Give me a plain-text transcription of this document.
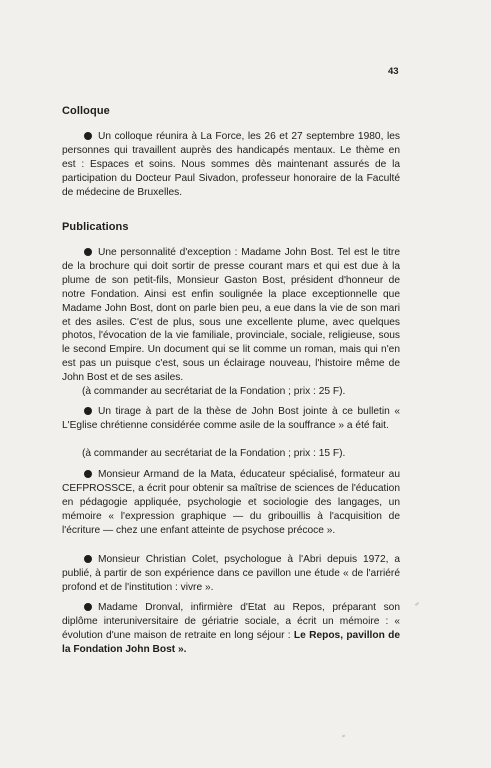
43
Colloque
Un colloque réunira à La Force, les 26 et 27 septembre 1980, les personnes qui travaillent auprès des handicapés mentaux. Le thème en est : Espaces et soins. Nous sommes dès maintenant assurés de la participation du Docteur Paul Sivadon, professeur honoraire de la Faculté de médecine de Bruxelles.
Publications
Une personnalité d'exception : Madame John Bost. Tel est le titre de la brochure qui doit sortir de presse courant mars et qui est due à la plume de son petit-fils, Monsieur Gaston Bost, président d'honneur de notre Fondation. Ainsi est enfin soulignée la place exceptionnelle que Madame John Bost, dont on parle bien peu, a eue dans la vie de son mari et des asiles. C'est de plus, sous une excellente plume, avec quelques photos, l'évocation de la vie familiale, provinciale, sociale, religieuse, sous le second Empire. Un document qui se lit comme un roman, mais qui n'en est pas un puisque c'est, sous un éclairage nouveau, l'histoire même de John Bost et de ses asiles.
(à commander au secrétariat de la Fondation ; prix : 25 F).
Un tirage à part de la thèse de John Bost jointe à ce bulletin « L'Eglise chrétienne considérée comme asile de la souffrance » a été fait.
(à commander au secrétariat de la Fondation ; prix : 15 F).
Monsieur Armand de la Mata, éducateur spécialisé, formateur au CEFPROSSCE, a écrit pour obtenir sa maîtrise de sciences de l'éducation en pédagogie appliquée, psychologie et sociologie des langages, un mémoire « l'expression graphique — du gribouillis à l'acquisition de l'écriture — chez une enfant atteinte de psychose précoce ».
Monsieur Christian Colet, psychologue à l'Abri depuis 1972, a publié, à partir de son expérience dans ce pavillon une étude « de l'arriéré profond et de l'institution : vivre ».
Madame Dronval, infirmière d'Etat au Repos, préparant son diplôme interuniversitaire de gériatrie sociale, a écrit un mémoire : « évolution d'une maison de retraite en long séjour : Le Repos, pavillon de la Fondation John Bost ».
